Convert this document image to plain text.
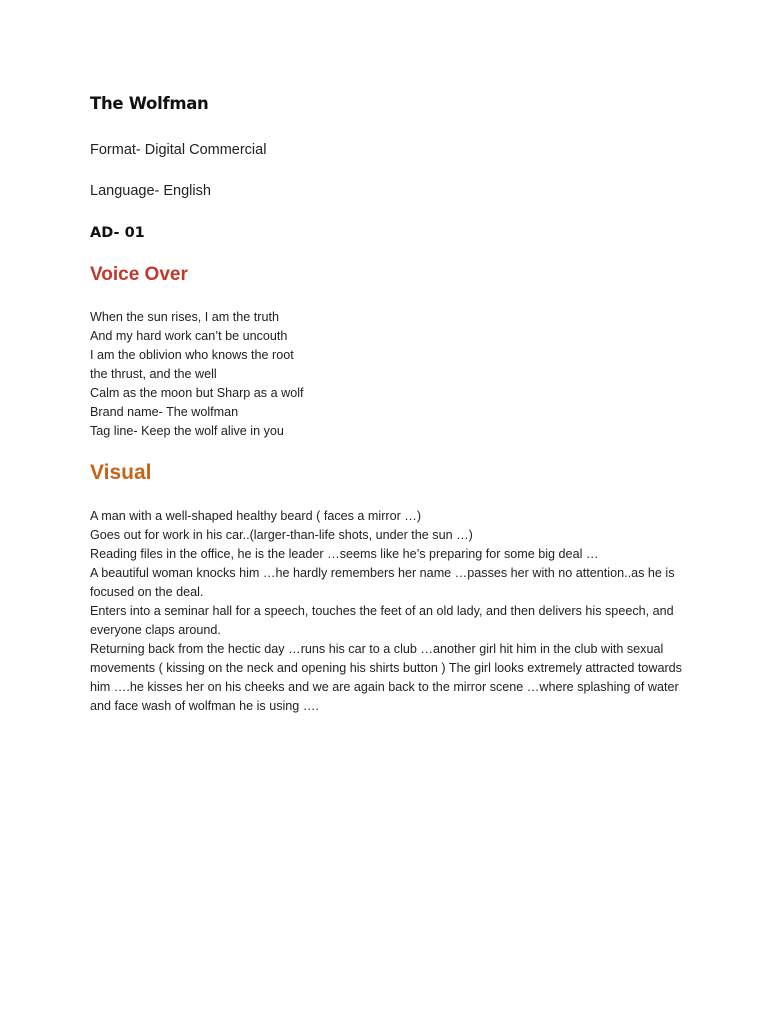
The Wolfman
Format- Digital Commercial
Language- English
AD- 01
Voice Over
When the sun rises, I am the truth
And my hard work can’t be uncouth
I am the oblivion who knows the root
the thrust, and the well
Calm as the moon but Sharp as a wolf
Brand name- The wolfman
Tag line- Keep the wolf alive in you
Visual
A man with a well-shaped healthy beard ( faces a mirror …)
Goes out for work in his car..(larger-than-life shots, under the sun …)
Reading files in the office, he is the leader …seems like he’s preparing for some big deal …
A beautiful woman knocks him …he hardly remembers her name …passes her with no attention..as he is focused on the deal.
Enters into a seminar hall for a speech, touches the feet of an old lady, and then delivers his speech, and everyone claps around.
Returning back from the hectic day …runs his car to a club …another girl hit him in the club with sexual movements ( kissing on the neck and opening his shirts button ) The girl looks extremely attracted towards him ….he kisses her on his cheeks and we are again back to the mirror scene …where splashing of water and face wash of wolfman he is using ….
